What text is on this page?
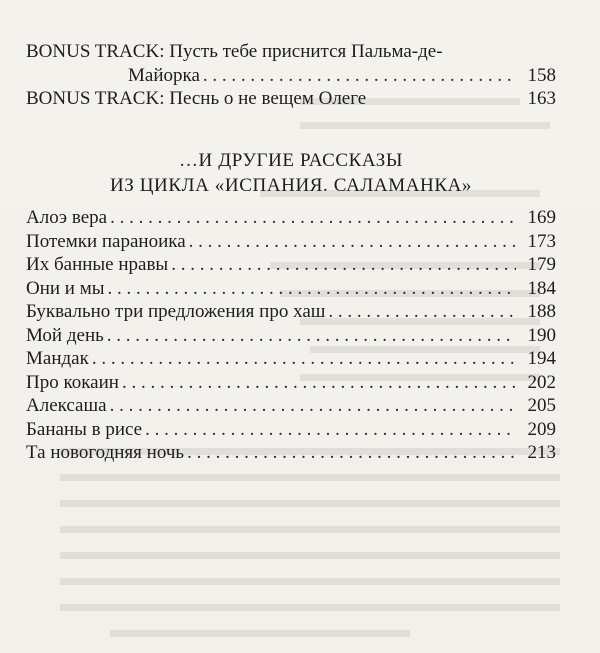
BONUS TRACK: Пусть тебе приснится Пальма-де-
Майорка . . .	158
BONUS TRACK: Песнь о не вещем Олеге	163
…И ДРУГИЕ РАССКАЗЫ
ИЗ ЦИКЛА «ИСПАНИЯ. САЛАМАНКА»
Алоэ вера . . .	169
Потемки параноика . . .	173
Их банные нравы . . .	179
Они и мы . . .	184
Буквально три предложения про хаш . . .	188
Мой день . . .	190
Мандак . . .	194
Про кокаин . . .	202
Алексаша . . .	205
Бананы в рисе . . .	209
Та новогодняя ночь . . .	213
